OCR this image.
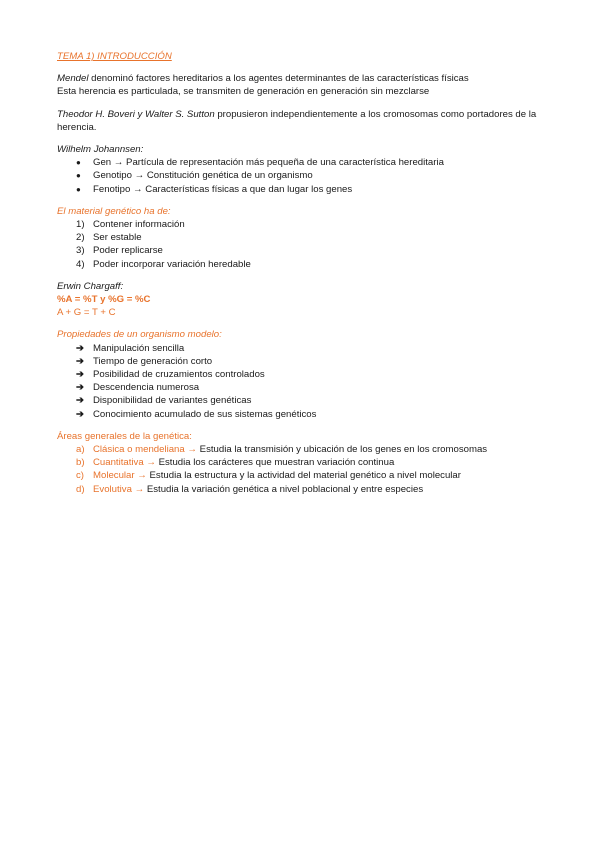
TEMA 1) INTRODUCCIÓN

Mendel denominó factores hereditarios a los agentes determinantes de las características físicas

Esta herencia es particulada, se transmiten de generación en generación sin mezclarse

Theodor H. Boveri y Walter S. Sutton propusieron independientemente a los cromosomas como portadores de la herencia.

Wilhelm Johannsen:

● Gen → Partícula de representación más pequeña de una característica hereditaria
● Genotipo → Constitución genética de un organismo
● Fenotipo → Características físicas a que dan lugar los genes

El material genético ha de:

1) Contener información
2) Ser estable
3) Poder replicarse
4) Poder incorporar variación heredable

Erwin Chargaff:

%A = %T y %G = %C

A + G = T + C

Propiedades de un organismo modelo:

➔ Manipulación sencilla
➔ Tiempo de generación corto
➔ Posibilidad de cruzamientos controlados
➔ Descendencia numerosa
➔ Disponibilidad de variantes genéticas
➔ Conocimiento acumulado de sus sistemas genéticos

Áreas generales de la genética:

a) Clásica o mendeliana → Estudia la transmisión y ubicación de los genes en los cromosomas
b) Cuantitativa → Estudia los carácteres que muestran variación continua
c) Molecular → Estudia la estructura y la actividad del material genético a nivel molecular
d) Evolutiva → Estudia la variación genética a nivel poblacional y entre especies
